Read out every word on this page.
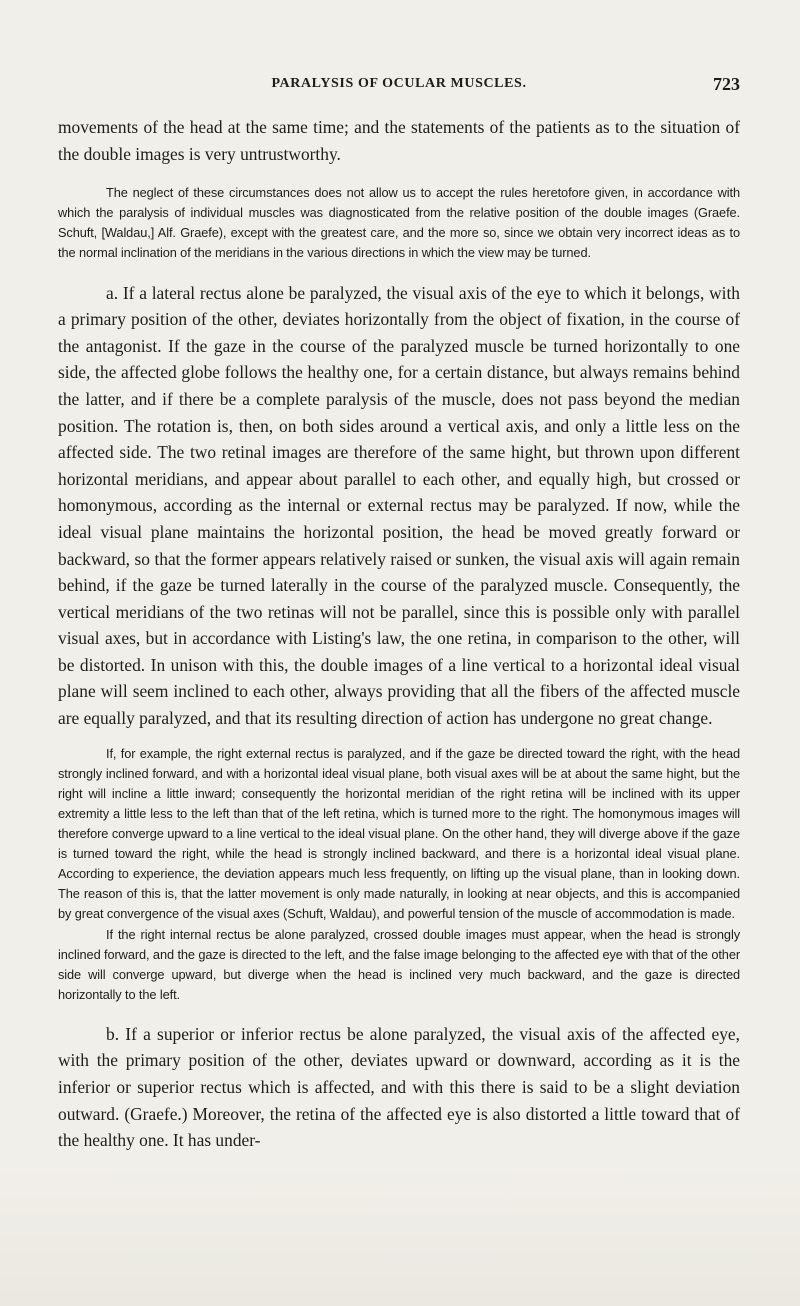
PARALYSIS OF OCULAR MUSCLES.	723

movements of the head at the same time; and the statements of the patients as to the situation of the double images is very untrustworthy.

The neglect of these circumstances does not allow us to accept the rules heretofore given, in accordance with which the paralysis of individual muscles was diagnosticated from the relative position of the double images (Graefe. Schuft, [Waldau,] Alf. Graefe), except with the greatest care, and the more so, since we obtain very incorrect ideas as to the normal inclination of the meridians in the various directions in which the view may be turned.

a. If a lateral rectus alone be paralyzed, the visual axis of the eye to which it belongs, with a primary position of the other, deviates horizontally from the object of fixation, in the course of the antagonist. If the gaze in the course of the paralyzed muscle be turned horizontally to one side, the affected globe follows the healthy one, for a certain distance, but always remains behind the latter, and if there be a complete paralysis of the muscle, does not pass beyond the median position. The rotation is, then, on both sides around a vertical axis, and only a little less on the affected side. The two retinal images are therefore of the same hight, but thrown upon different horizontal meridians, and appear about parallel to each other, and equally high, but crossed or homonymous, according as the internal or external rectus may be paralyzed. If now, while the ideal visual plane maintains the horizontal position, the head be moved greatly forward or backward, so that the former appears relatively raised or sunken, the visual axis will again remain behind, if the gaze be turned laterally in the course of the paralyzed muscle. Consequently, the vertical meridians of the two retinas will not be parallel, since this is possible only with parallel visual axes, but in accordance with Listing's law, the one retina, in comparison to the other, will be distorted. In unison with this, the double images of a line vertical to a horizontal ideal visual plane will seem inclined to each other, always providing that all the fibers of the affected muscle are equally paralyzed, and that its resulting direction of action has undergone no great change.

If, for example, the right external rectus is paralyzed, and if the gaze be directed toward the right, with the head strongly inclined forward, and with a horizontal ideal visual plane, both visual axes will be at about the same hight, but the right will incline a little inward; consequently the horizontal meridian of the right retina will be inclined with its upper extremity a little less to the left than that of the left retina, which is turned more to the right. The homonymous images will therefore converge upward to a line vertical to the ideal visual plane. On the other hand, they will diverge above if the gaze is turned toward the right, while the head is strongly inclined backward, and there is a horizontal ideal visual plane. According to experience, the deviation appears much less frequently, on lifting up the visual plane, than in looking down. The reason of this is, that the latter movement is only made naturally, in looking at near objects, and this is accompanied by great convergence of the visual axes (Schuft, Waldau), and powerful tension of the muscle of accommodation is made.

If the right internal rectus be alone paralyzed, crossed double images must appear, when the head is strongly inclined forward, and the gaze is directed to the left, and the false image belonging to the affected eye with that of the other side will converge upward, but diverge when the head is inclined very much backward, and the gaze is directed horizontally to the left.

b. If a superior or inferior rectus be alone paralyzed, the visual axis of the affected eye, with the primary position of the other, deviates upward or downward, according as it is the inferior or superior rectus which is affected, and with this there is said to be a slight deviation outward. (Graefe.) Moreover, the retina of the affected eye is also distorted a little toward that of the healthy one. It has under-
